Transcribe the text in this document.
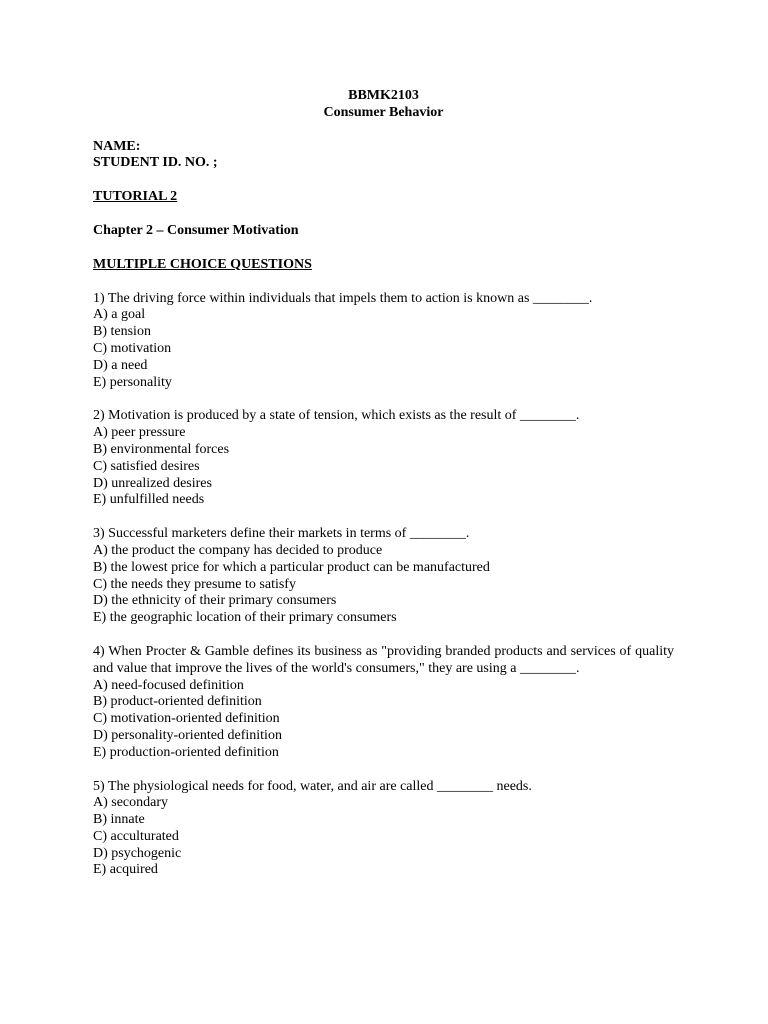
BBMK2103

Consumer Behavior

NAME:

STUDENT ID. NO. ;

TUTORIAL 2

Chapter 2 – Consumer Motivation

MULTIPLE CHOICE QUESTIONS

1) The driving force within individuals that impels them to action is known as ________.

A) a goal

B) tension

C) motivation

D) a need

E) personality

2) Motivation is produced by a state of tension, which exists as the result of ________.

A) peer pressure

B) environmental forces

C) satisfied desires

D) unrealized desires

E) unfulfilled needs

3) Successful marketers define their markets in terms of ________.

A) the product the company has decided to produce

B) the lowest price for which a particular product can be manufactured

C) the needs they presume to satisfy

D) the ethnicity of their primary consumers

E) the geographic location of their primary consumers

4) When Procter & Gamble defines its business as "providing branded products and services of quality and value that improve the lives of the world's consumers," they are using a ________.

A) need-focused definition

B) product-oriented definition

C) motivation-oriented definition

D) personality-oriented definition

E) production-oriented definition

5) The physiological needs for food, water, and air are called ________ needs.

A) secondary

B) innate

C) acculturated

D) psychogenic

E) acquired
